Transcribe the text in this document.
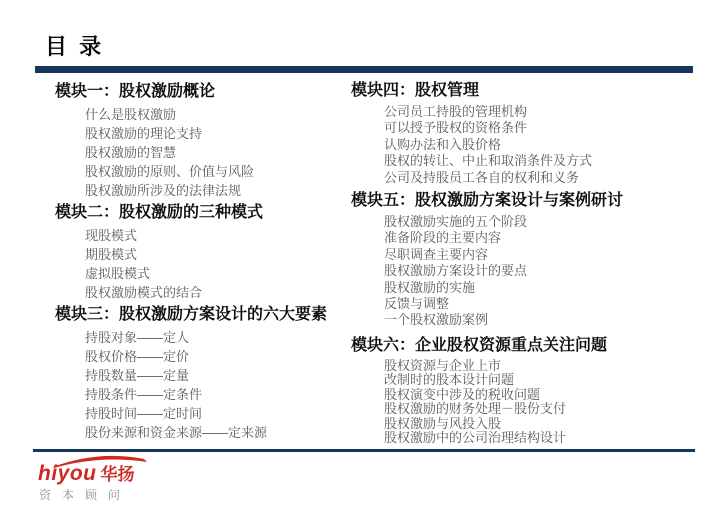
目 录
模块一：股权激励概论
什么是股权激励
股权激励的理论支持
股权激励的智慧
股权激励的原则、价值与风险
股权激励所涉及的法律法规
模块二：股权激励的三种模式
现股模式
期股模式
虚拟股模式
股权激励模式的结合
模块三：股权激励方案设计的六大要素
持股对象——定人
股权价格——定价
持股数量——定量
持股条件——定条件
持股时间——定时间
股份来源和资金来源——定来源
模块四：股权管理
公司员工持股的管理机构
可以授予股权的资格条件
认购办法和入股价格
股权的转让、中止和取消条件及方式
公司及持股员工各自的权利和义务
模块五：股权激励方案设计与案例研讨
股权激励实施的五个阶段
准备阶段的主要内容
尽职调查主要内容
股权激励方案设计的要点
股权激励的实施
反馈与调整
一个股权激励案例
模块六：企业股权资源重点关注问题
股权资源与企业上市
改制时的股本设计问题
股权演变中涉及的税收问题
股权激励的财务处理－股份支付
股权激励与风投入股
股权激励中的公司治理结构设计
hiyou 华扬
资本顾问
